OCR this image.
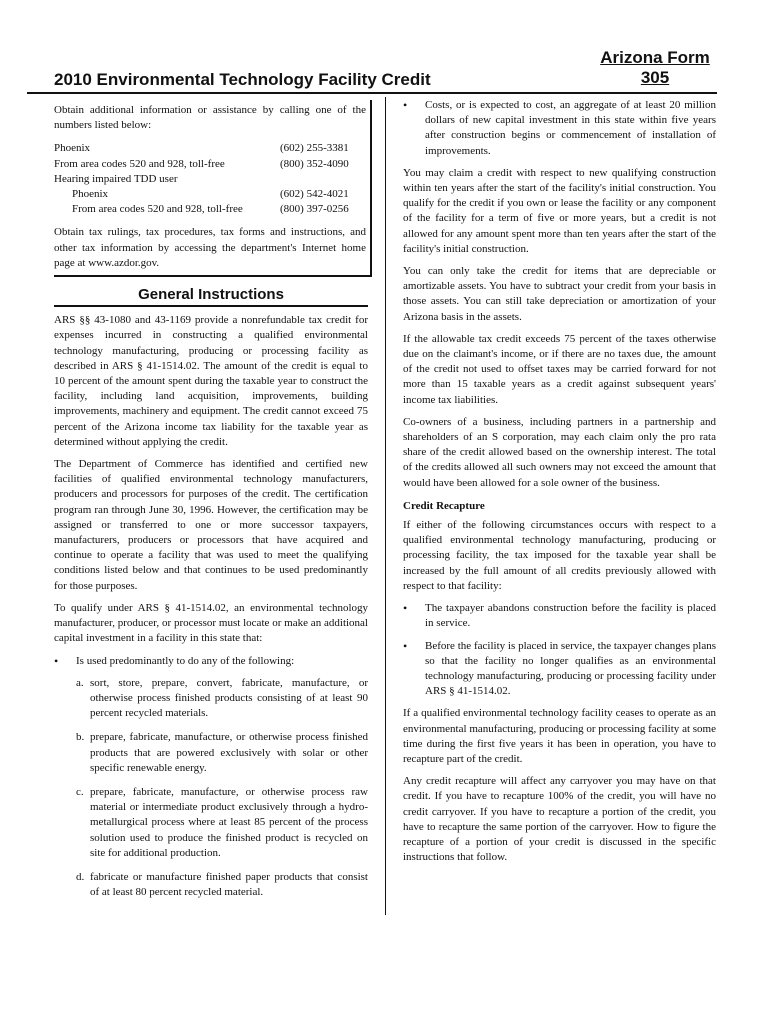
Arizona Form
305
2010 Environmental Technology Facility Credit

Obtain additional information or assistance by calling one of the numbers listed below:

Phoenix	(602) 255-3381
From area codes 520 and 928, toll-free	(800) 352-4090
Hearing impaired TDD user
Phoenix	(602) 542-4021
From area codes 520 and 928, toll-free	(800) 397-0256

Obtain tax rulings, tax procedures, tax forms and instructions, and other tax information by accessing the department's Internet home page at www.azdor.gov.

General Instructions

ARS §§ 43-1080 and 43-1169 provide a nonrefundable tax credit for expenses incurred in constructing a qualified environmental technology manufacturing, producing or processing facility as described in ARS § 41-1514.02. The amount of the credit is equal to 10 percent of the amount spent during the taxable year to construct the facility, including land acquisition, improvements, building improvements, machinery and equipment. The credit cannot exceed 75 percent of the Arizona income tax liability for the taxable year as determined without applying the credit.

The Department of Commerce has identified and certified new facilities of qualified environmental technology manufacturers, producers and processors for purposes of the credit. The certification program ran through June 30, 1996. However, the certification may be assigned or transferred to one or more successor taxpayers, manufacturers, producers or processors that have acquired and continue to operate a facility that was used to meet the qualifying conditions listed below and that continues to be used predominantly for those purposes.

To qualify under ARS § 41-1514.02, an environmental technology manufacturer, producer, or processor must locate or make an additional capital investment in a facility in this state that:

•	Is used predominantly to do any of the following:
a. sort, store, prepare, convert, fabricate, manufacture, or otherwise process finished products consisting of at least 90 percent recycled materials.
b. prepare, fabricate, manufacture, or otherwise process finished products that are powered exclusively with solar or other specific renewable energy.
c. prepare, fabricate, manufacture, or otherwise process raw material or intermediate product exclusively through a hydro-metallurgical process where at least 85 percent of the process solution used to produce the finished product is recycled on site for additional production.
d. fabricate or manufacture finished paper products that consist of at least 80 percent recycled material.
•	Costs, or is expected to cost, an aggregate of at least 20 million dollars of new capital investment in this state within five years after construction begins or commencement of installation of improvements.

You may claim a credit with respect to new qualifying construction within ten years after the start of the facility's initial construction. You qualify for the credit if you own or lease the facility or any component of the facility for a term of five or more years, but a credit is not allowed for any amount spent more than ten years after the start of the facility's initial construction.

You can only take the credit for items that are depreciable or amortizable assets. You have to subtract your credit from your basis in those assets. You can still take depreciation or amortization of your Arizona basis in the assets.

If the allowable tax credit exceeds 75 percent of the taxes otherwise due on the claimant's income, or if there are no taxes due, the amount of the credit not used to offset taxes may be carried forward for not more than 15 taxable years as a credit against subsequent years' income tax liabilities.

Co-owners of a business, including partners in a partnership and shareholders of an S corporation, may each claim only the pro rata share of the credit allowed based on the ownership interest. The total of the credits allowed all such owners may not exceed the amount that would have been allowed for a sole owner of the business.

Credit Recapture

If either of the following circumstances occurs with respect to a qualified environmental technology manufacturing, producing or processing facility, the tax imposed for the taxable year shall be increased by the full amount of all credits previously allowed with respect to that facility:

•	The taxpayer abandons construction before the facility is placed in service.
•	Before the facility is placed in service, the taxpayer changes plans so that the facility no longer qualifies as an environmental technology manufacturing, producing or processing facility under ARS § 41-1514.02.

If a qualified environmental technology facility ceases to operate as an environmental manufacturing, producing or processing facility at some time during the first five years it has been in operation, you have to recapture part of the credit.

Any credit recapture will affect any carryover you may have on that credit. If you have to recapture 100% of the credit, you will have no credit carryover. If you have to recapture a portion of the credit, you have to recapture the same portion of the carryover. How to figure the recapture of a portion of your credit is discussed in the specific instructions that follow.
